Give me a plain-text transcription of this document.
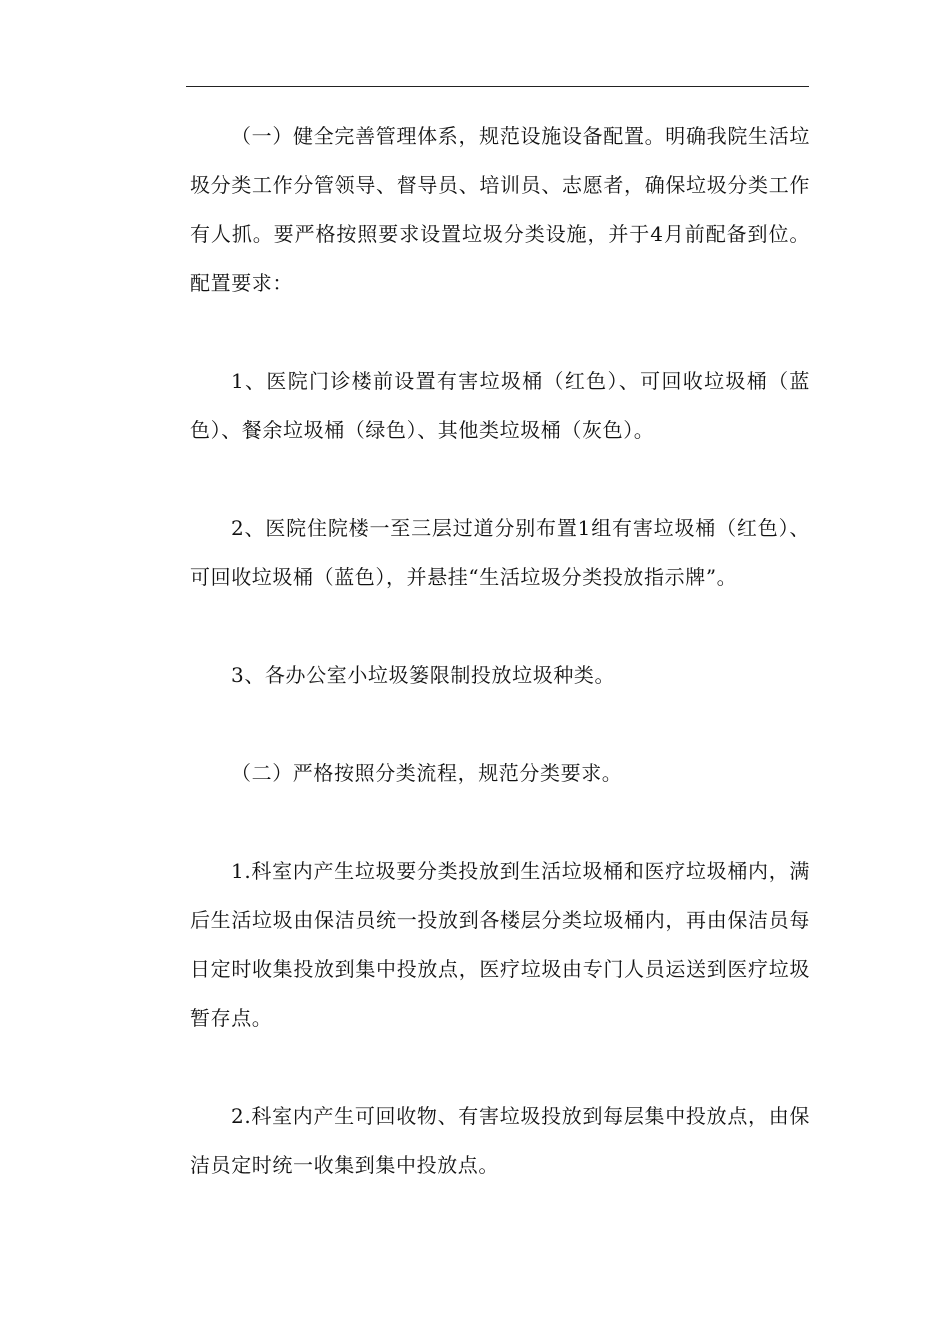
（一）健全完善管理体系，规范设施设备配置。明确我院生活垃圾分类工作分管领导、督导员、培训员、志愿者，确保垃圾分类工作有人抓。要严格按照要求设置垃圾分类设施，并于4月前配备到位。配置要求：

1、医院门诊楼前设置有害垃圾桶（红色）、可回收垃圾桶（蓝色）、餐余垃圾桶（绿色）、其他类垃圾桶（灰色）。

2、医院住院楼一至三层过道分别布置1组有害垃圾桶（红色）、可回收垃圾桶（蓝色），并悬挂“生活垃圾分类投放指示牌”。

3、各办公室小垃圾篓限制投放垃圾种类。

（二）严格按照分类流程，规范分类要求。

1.科室内产生垃圾要分类投放到生活垃圾桶和医疗垃圾桶内，满后生活垃圾由保洁员统一投放到各楼层分类垃圾桶内，再由保洁员每日定时收集投放到集中投放点，医疗垃圾由专门人员运送到医疗垃圾暂存点。

2.科室内产生可回收物、有害垃圾投放到每层集中投放点，由保洁员定时统一收集到集中投放点。
